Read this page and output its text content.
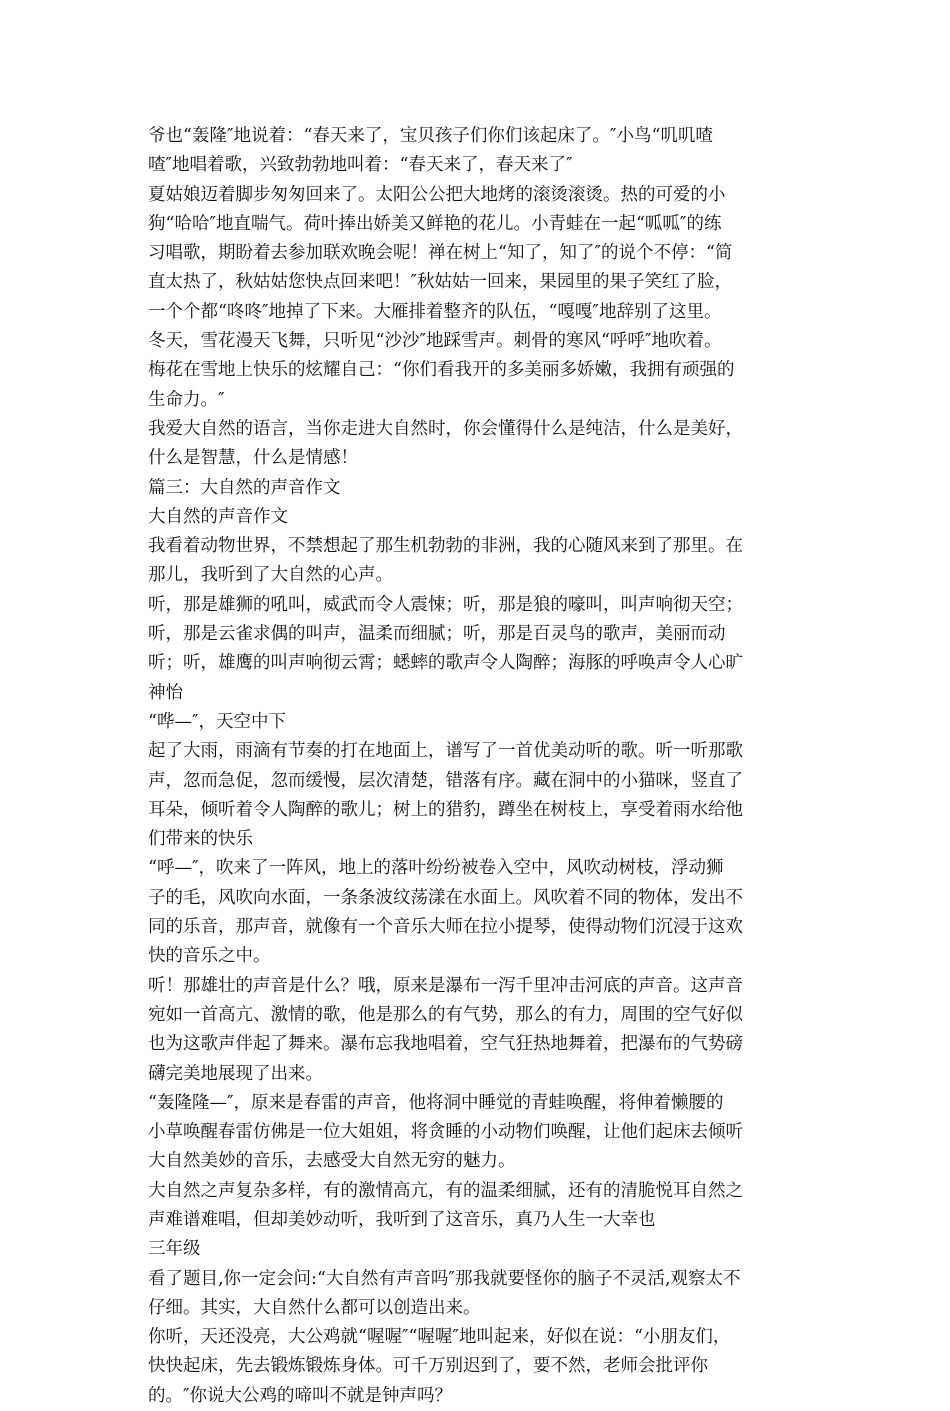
爷也“轰隆″地说着：“春天来了，宝贝孩子们你们该起床了。″小鸟“叽叽喳
喳″地唱着歌，兴致勃勃地叫着：“春天来了，春天来了″
夏姑娘迈着脚步匆匆回来了。太阳公公把大地烤的滚烫滚烫。热的可爱的小
狗“哈哈″地直喘气。荷叶捧出娇美又鲜艳的花儿。小青蛙在一起“呱呱″的练
习唱歌，期盼着去参加联欢晚会呢！禅在树上“知了，知了″的说个不停：“简
直太热了，秋姑姑您快点回来吧！″秋姑姑一回来，果园里的果子笑红了脸，
一个个都“咚咚″地掉了下来。大雁排着整齐的队伍，“嘎嘎″地辞别了这里。
冬天，雪花漫天飞舞，只听见“沙沙″地踩雪声。刺骨的寒风“呼呼″地吹着。
梅花在雪地上快乐的炫耀自己：“你们看我开的多美丽多娇嫩，我拥有顽强的
生命力。″
我爱大自然的语言，当你走进大自然时，你会懂得什么是纯洁，什么是美好，
什么是智慧，什么是情感！
篇三：大自然的声音作文
大自然的声音作文
我看着动物世界，不禁想起了那生机勃勃的非洲，我的心随风来到了那里。在
那儿，我听到了大自然的心声。
听，那是雄狮的吼叫，威武而令人震悚；听，那是狼的嚎叫，叫声响彻天空；
听，那是云雀求偶的叫声，温柔而细腻；听，那是百灵鸟的歌声，美丽而动
听；听，雄鹰的叫声响彻云霄；蟋蟀的歌声令人陶醉；海豚的呼唤声令人心旷
神怡
“哗—″，天空中下
起了大雨，雨滴有节奏的打在地面上，谱写了一首优美动听的歌。听一听那歌
声，忽而急促，忽而缓慢，层次清楚，错落有序。藏在洞中的小猫咪，竖直了
耳朵，倾听着令人陶醉的歌儿；树上的猎豹，蹲坐在树枝上，享受着雨水给他
们带来的快乐
“呼—″，吹来了一阵风，地上的落叶纷纷被卷入空中，风吹动树枝，浮动狮
子的毛，风吹向水面，一条条波纹荡漾在水面上。风吹着不同的物体，发出不
同的乐音，那声音，就像有一个音乐大师在拉小提琴，使得动物们沉浸于这欢
快的音乐之中。
听！那雄壮的声音是什么？哦，原来是瀑布一泻千里冲击河底的声音。这声音
宛如一首高亢、激情的歌，他是那么的有气势，那么的有力，周围的空气好似
也为这歌声伴起了舞来。瀑布忘我地唱着，空气狂热地舞着，把瀑布的气势磅
礴完美地展现了出来。
“轰隆隆—″，原来是春雷的声音，他将洞中睡觉的青蛙唤醒，将伸着懒腰的
小草唤醒春雷仿佛是一位大姐姐，将贪睡的小动物们唤醒，让他们起床去倾听
大自然美妙的音乐，去感受大自然无穷的魅力。
大自然之声复杂多样，有的激情高亢，有的温柔细腻，还有的清脆悦耳自然之
声难谱难唱，但却美妙动听，我听到了这音乐，真乃人生一大幸也
三年级
看了题目,你一定会问:“大自然有声音吗″那我就要怪你的脑子不灵活,观察太不
仔细。其实，大自然什么都可以创造出来。
你听，天还没亮，大公鸡就“喔喔″“喔喔″地叫起来，好似在说：“小朋友们，
快快起床，先去锻炼锻炼身体。可千万别迟到了，要不然，老师会批评你
的。″你说大公鸡的啼叫不就是钟声吗？
